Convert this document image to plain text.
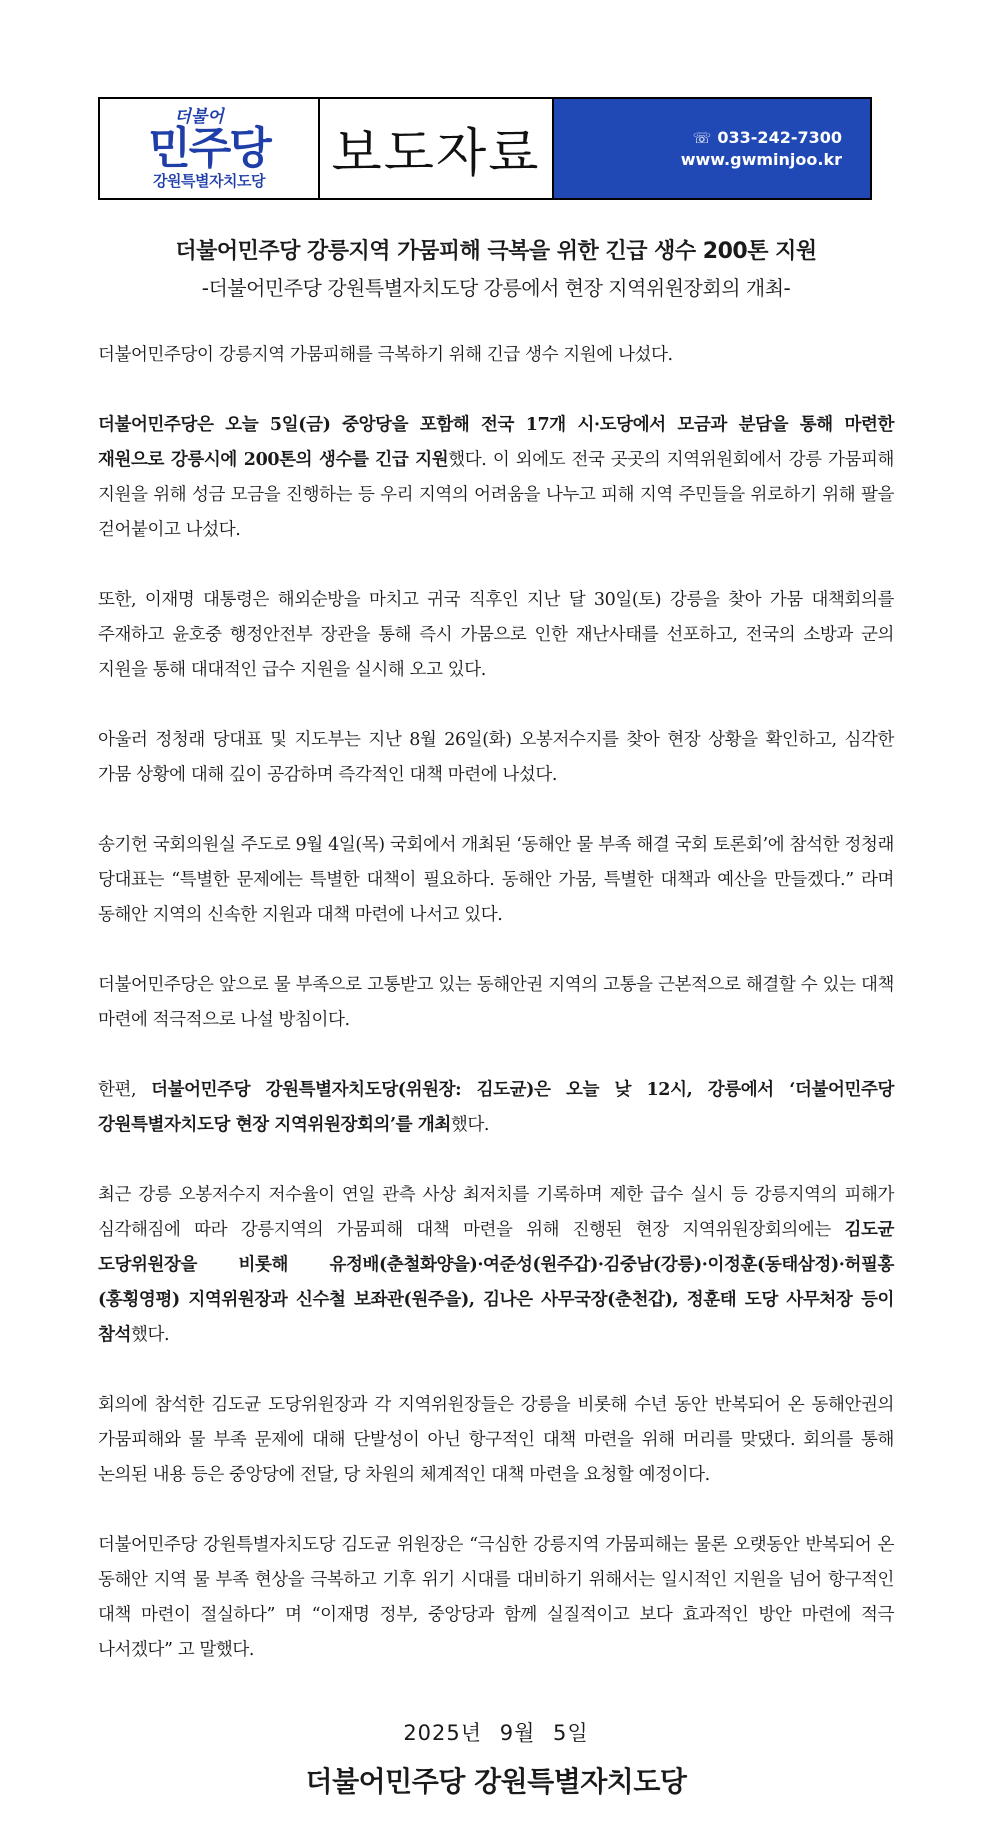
더불어
민주당
강원특별자치도당 보도자료	☏ 033-242-7300
www.gwminjoo.kr
더불어민주당 강릉지역 가뭄피해 극복을 위한 긴급 생수 200톤 지원
-더불어민주당 강원특별자치도당 강릉에서 현장 지역위원장회의 개최-

더불어민주당이 강릉지역 가뭄피해를 극복하기 위해 긴급 생수 지원에 나섰다.

더불어민주당은 오늘 5일(금) 중앙당을 포함해 전국 17개 시·도당에서 모금과 분담을 통해 마련한 재원으로 강릉시에 200톤의 생수를 긴급 지원했다. 이 외에도 전국 곳곳의 지역위원회에서 강릉 가뭄피해 지원을 위해 성금 모금을 진행하는 등 우리 지역의 어려움을 나누고 피해 지역 주민들을 위로하기 위해 팔을 걷어붙이고 나섰다.

또한, 이재명 대통령은 해외순방을 마치고 귀국 직후인 지난 달 30일(토) 강릉을 찾아 가뭄 대책회의를 주재하고 윤호중 행정안전부 장관을 통해 즉시 가뭄으로 인한 재난사태를 선포하고, 전국의 소방과 군의 지원을 통해 대대적인 급수 지원을 실시해 오고 있다.

아울러 정청래 당대표 및 지도부는 지난 8월 26일(화) 오봉저수지를 찾아 현장 상황을 확인하고, 심각한 가뭄 상황에 대해 깊이 공감하며 즉각적인 대책 마련에 나섰다.

송기헌 국회의원실 주도로 9월 4일(목) 국회에서 개최된 ‘동해안 물 부족 해결 국회 토론회’에 참석한 정청래 당대표는 “특별한 문제에는 특별한 대책이 필요하다. 동해안 가뭄, 특별한 대책과 예산을 만들겠다.” 라며 동해안 지역의 신속한 지원과 대책 마련에 나서고 있다.

더불어민주당은 앞으로 물 부족으로 고통받고 있는 동해안권 지역의 고통을 근본적으로 해결할 수 있는 대책 마련에 적극적으로 나설 방침이다.

한편, 더불어민주당 강원특별자치도당(위원장: 김도균)은 오늘 낮 12시, 강릉에서 ‘더불어민주당 강원특별자치도당 현장 지역위원장회의’를 개최했다.

최근 강릉 오봉저수지 저수율이 연일 관측 사상 최저치를 기록하며 제한 급수 실시 등 강릉지역의 피해가 심각해짐에 따라 강릉지역의 가뭄피해 대책 마련을 위해 진행된 현장 지역위원장회의에는 김도균 도당위원장을 비롯해 유정배(춘철화양을)·여준성(원주갑)·김중남(강릉)·이정훈(동태삼정)·허필홍(홍횡영평) 지역위원장과 신수철 보좌관(원주을), 김나은 사무국장(춘천갑), 정훈태 도당 사무처장 등이 참석했다.

회의에 참석한 김도균 도당위원장과 각 지역위원장들은 강릉을 비롯해 수년 동안 반복되어 온 동해안권의 가뭄피해와 물 부족 문제에 대해 단발성이 아닌 항구적인 대책 마련을 위해 머리를 맞댔다. 회의를 통해 논의된 내용 등은 중앙당에 전달, 당 차원의 체계적인 대책 마련을 요청할 예정이다.

더불어민주당 강원특별자치도당 김도균 위원장은 “극심한 강릉지역 가뭄피해는 물론 오랫동안 반복되어 온 동해안 지역 물 부족 현상을 극복하고 기후 위기 시대를 대비하기 위해서는 일시적인 지원을 넘어 항구적인 대책 마련이 절실하다” 며 “이재명 정부, 중앙당과 함께 실질적이고 보다 효과적인 방안 마련에 적극 나서겠다” 고 말했다.

2025년 9월 5일
더불어민주당 강원특별자치도당
